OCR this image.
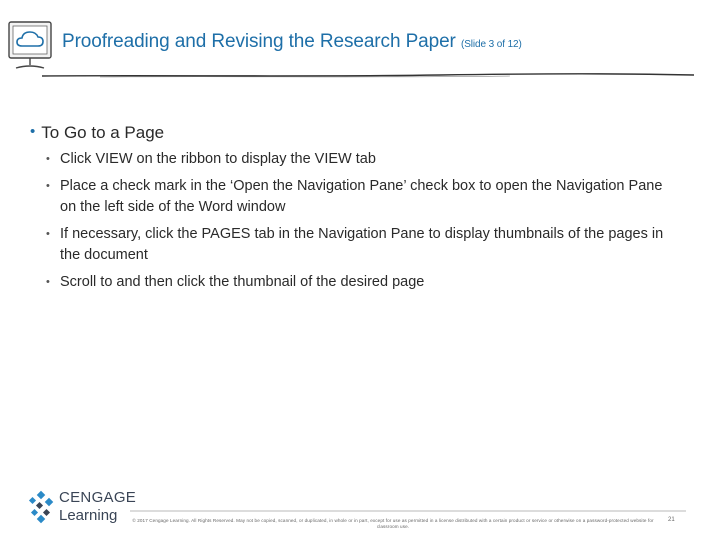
Proofreading and Revising the Research Paper (Slide 3 of 12)
• To Go to a Page
• Click VIEW on the ribbon to display the VIEW tab
• Place a check mark in the ‘Open the Navigation Pane’ check box to open the Navigation Pane on the left side of the Word window
• If necessary, click the PAGES tab in the Navigation Pane to display thumbnails of the pages in the document
• Scroll to and then click the thumbnail of the desired page
CENGAGE
Learning	© 2017 Cengage Learning. All Rights Reserved. May not be copied, scanned, or duplicated, in whole or in part, except for use as permitted in a license distributed with a certain product or service or otherwise on a password-protected website for classroom use.
21
